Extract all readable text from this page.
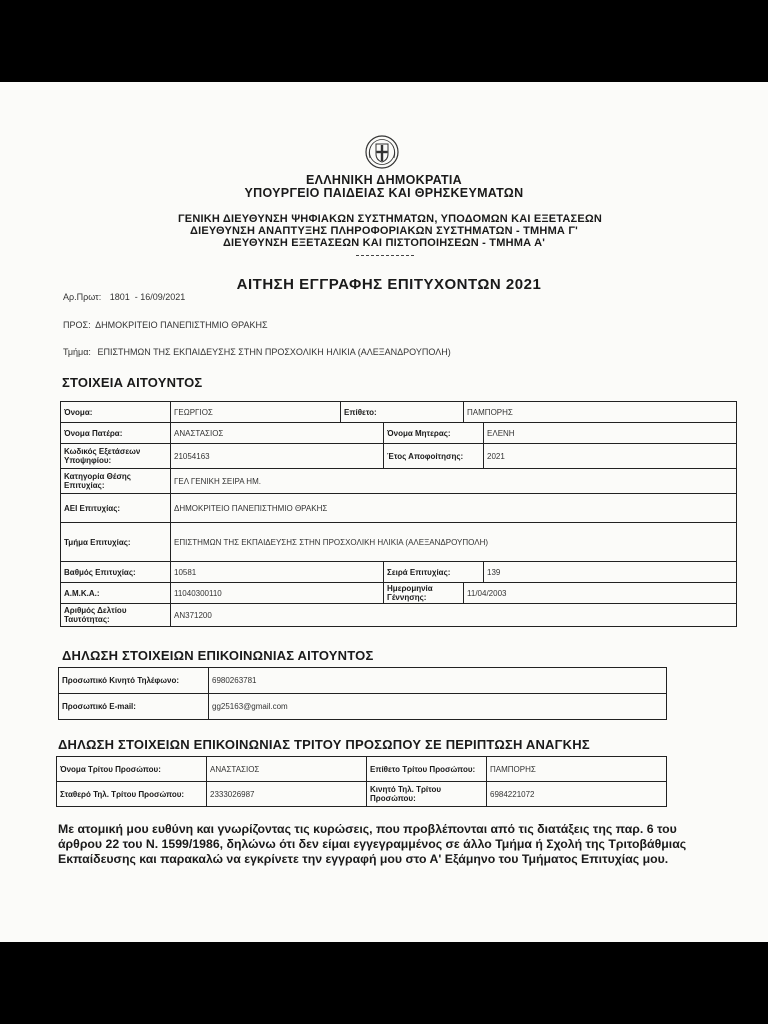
ΕΛΛΗΝΙΚΗ ΔΗΜΟΚΡΑΤΙΑ
ΥΠΟΥΡΓΕΙΟ ΠΑΙΔΕΙΑΣ ΚΑΙ ΘΡΗΣΚΕΥΜΑΤΩΝ
ΓΕΝΙΚΗ ΔΙΕΥΘΥΝΣΗ ΨΗΦΙΑΚΩΝ ΣΥΣΤΗΜΑΤΩΝ, ΥΠΟΔΟΜΩΝ ΚΑΙ ΕΞΕΤΑΣΕΩΝ
ΔΙΕΥΘΥΝΣΗ ΑΝΑΠΤΥΞΗΣ ΠΛΗΡΟΦΟΡΙΑΚΩΝ ΣΥΣΤΗΜΑΤΩΝ - ΤΜΗΜΑ Γ'
ΔΙΕΥΘΥΝΣΗ ΕΞΕΤΑΣΕΩΝ ΚΑΙ ΠΙΣΤΟΠΟΙΗΣΕΩΝ - ΤΜΗΜΑ Α'
ΑΙΤΗΣΗ ΕΓΓΡΑΦΗΣ ΕΠΙΤΥΧΟΝΤΩΝ 2021
Αρ.Πρωτ: 1801  - 16/09/2021
ΠΡΟΣ: ΔΗΜΟΚΡΙΤΕΙΟ ΠΑΝΕΠΙΣΤΗΜΙΟ ΘΡΑΚΗΣ
Τμήμα: ΕΠΙΣΤΗΜΩΝ ΤΗΣ ΕΚΠΑΙΔΕΥΣΗΣ ΣΤΗΝ ΠΡΟΣΧΟΛΙΚΗ ΗΛΙΚΙΑ (ΑΛΕΞΑΝΔΡΟΥΠΟΛΗ)
ΣΤΟΙΧΕΙΑ ΑΙΤΟΥΝΤΟΣ
Όνομα:	ΓΕΩΡΓΙΟΣ	Επίθετο:		ΠΑΜΠΟΡΗΣ	
Όνομα Πατέρα:	ΑΝΑΣΤΑΣΙΟΣ		Όνομα Μητερας:		ΕΛΕΝΗ
Κωδικός Εξετάσεων Υποψηφίου:	21054163		Έτος Αποφοίτησης:		2021
Κατηγορία Θέσης Επιτυχίας:	ΓΕΛ ΓΕΝΙΚΗ ΣΕΙΡΑ ΗΜ.				
ΑΕΙ Επιτυχίας:	ΔΗΜΟΚΡΙΤΕΙΟ ΠΑΝΕΠΙΣΤΗΜΙΟ ΘΡΑΚΗΣ				
Τμήμα Επιτυχίας:	ΕΠΙΣΤΗΜΩΝ ΤΗΣ ΕΚΠΑΙΔΕΥΣΗΣ ΣΤΗΝ ΠΡΟΣΧΟΛΙΚΗ ΗΛΙΚΙΑ (ΑΛΕΞΑΝΔΡΟΥΠΟΛΗ)				
Βαθμός Επιτυχίας:	10581		Σειρά Επιτυχίας:		139
Α.Μ.Κ.Α.:	11040300110		Ημερομηνία Γέννησης:	11/04/2003	
Αριθμός Δελτίου Ταυτότητας:	AN371200				
ΔΗΛΩΣΗ ΣΤΟΙΧΕΙΩΝ ΕΠΙΚΟΙΝΩΝΙΑΣ ΑΙΤΟΥΝΤΟΣ
Προσωπικό Κινητό Τηλέφωνο:	6980263781
Προσωπικό E-mail:	gg25163@gmail.com
ΔΗΛΩΣΗ ΣΤΟΙΧΕΙΩΝ ΕΠΙΚΟΙΝΩΝΙΑΣ ΤΡΙΤΟΥ ΠΡΟΣΩΠΟΥ ΣΕ ΠΕΡΙΠΤΩΣΗ ΑΝΑΓΚΗΣ
Όνομα Τρίτου Προσώπου:	ΑΝΑΣΤΑΣΙΟΣ	Επίθετο Τρίτου Προσώπου:	ΠΑΜΠΟΡΗΣ
Σταθερό Τηλ. Τρίτου Προσώπου:	2333026987	Κινητό Τηλ. Τρίτου Προσώπου:	6984221072
Με ατομική μου ευθύνη και γνωρίζοντας τις κυρώσεις, που προβλέπονται από τις διατάξεις της παρ. 6 του άρθρου 22 του Ν. 1599/1986, δηλώνω ότι δεν είμαι εγγεγραμμένος σε άλλο Τμήμα ή Σχολή της Τριτοβάθμιας Εκπαίδευσης και παρακαλώ να εγκρίνετε την εγγραφή μου στο Α' Εξάμηνο του Τμήματος Επιτυχίας μου.
